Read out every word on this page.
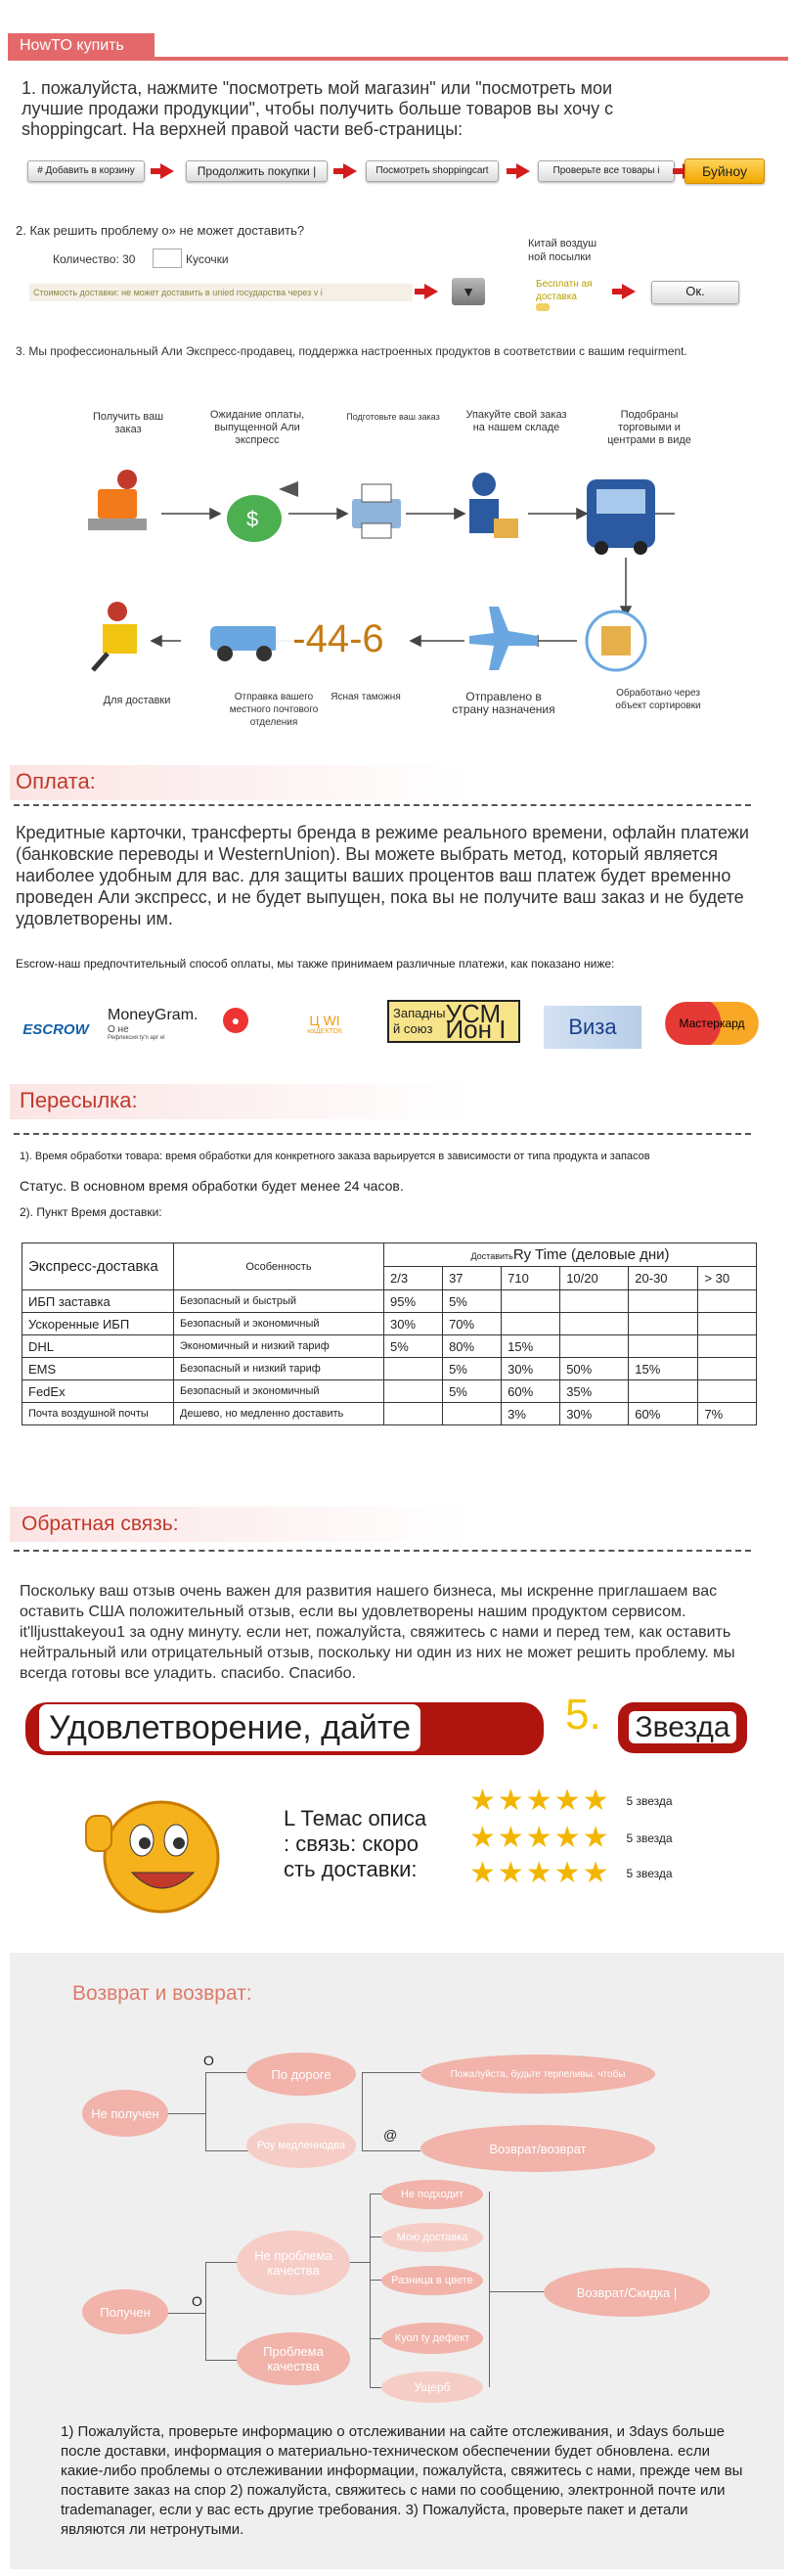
HowTO купить
1. пожалуйста, нажмите "посмотреть мой магазин" или "посмотреть мои лучшие продажи продукции", чтобы получить больше товаров вы хочу с shoppingcart. На верхней правой части веб-страницы:
# Добавить в корзину	Продолжить покупки |	Посмотреть shoppingcart	Проверьте все товары і	Буйноу
2. Как решить проблему о» не может доставить?
Количество: 30	Кусочки
Стоимость доставки: не может доставить в unied государства через v і	▼
Китай воздуш ной посылки
Бесплатн ая доставка	Ок.
3. Мы профессиональный Али Экспресс-продавец, поддержка настроенных продуктов в соответствии с вашим requirment.
Получить ваш заказ
Ожидание оплаты, выпущенной Али экспресс
Подготовьте ваш заказ Упакуйте свой заказ на нашем складе
Подобраны торговыми и центрами в виде
$
-44-6
Для доставки	Отправка вашего местного почтового отделения
Ясная таможня	Отправлено в страну назначения
Обработано через объект сортировки
Оплата:
Кредитные карточки, трансферты бренда в режиме реального времени, офлайн платежи (банковские переводы и WesternUnion). Вы можете выбрать метод, который является наиболее удобным для вас. для защиты ваших процентов ваш платеж будет временно проведен Али экспресс, и не будет выпущен, пока вы не получите ваш заказ и не будете удовлетворены им.
Escrow-наш предпочтительный способ оплаты, мы также принимаем различные платежи, как показано ниже:
ESCROW
MoneyGram.
О не
Рефлексия ty'n apr el
●	Ц WI
коЩЕКТОК
Западны й союз
УСМ Ион І	Виза	Мастеркард
Пересылка:
1). Время обработки товара: время обработки для конкретного заказа варьируется в зависимости от типа продукта и запасов
Статус. В основном время обработки будет менее 24 часов.
2). Пункт Время доставки:
Экспресс-доставка	Особенность	ДоставитьRy Time (деловые дни)					
		2/3	37	710	10/20	20-30	> 30
ИБП заставка	Безопасный и быстрый	95%	5%				
Ускоренные ИБП	Безопасный и экономичный	30%	70%				
DHL	Экономичный и низкий тариф	5%	80%	15%			
EMS	Безопасный и низкий тариф		5%	30%	50%	15%	
FedEx	Безопасный и экономичный		5%	60%	35%		
Почта воздушной почты	Дешево, но медленно доставить			3%	30%	60%	7%
Обратная связь:
Поскольку ваш отзыв очень важен для развития нашего бизнеса, мы искренне приглашаем вас оставить США положительный отзыв, если вы удовлетворены нашим продуктом сервисом. it'lljusttakeyou1 за одну минуту. если нет, пожалуйста, свяжитесь с нами и перед тем, как оставить нейтральный или отрицательный отзыв, поскольку ни один из них не может решить проблему. мы всегда готовы все уладить. спасибо. Спасибо.
Удовлетворение, дайте	5.	Звезда
L Темас описа
: связь: скоро
сть доставки:
★★★★★ 5 звезда
★★★★★ 5 звезда
★★★★★ 5 звезда
Возврат и возврат:
O
@
Не получен
По дороге
Роу медленнодва
Пожалуйста, будьте терпеливы, чтобы
Возврат/возврат
O
Получен
Не проблема качества
Проблема качества
Не подходит
Мою доставка
Разница в цвете
Куол ty дефект
Ущерб
Возврат/Скидка |
1) Пожалуйста, проверьте информацию о отслеживании на сайте отслеживания, и 3days больше после доставки, информация о материально-техническом обеспечении будет обновлена. если какие-либо проблемы о отслеживании информации, пожалуйста, свяжитесь с нами, прежде чем вы поставите заказ на спор 2) пожалуйста, свяжитесь с нами по сообщению, электронной почте или trademanager, если у вас есть другие требования. 3) Пожалуйста, проверьте пакет и детали являются ли нетронутыми.
